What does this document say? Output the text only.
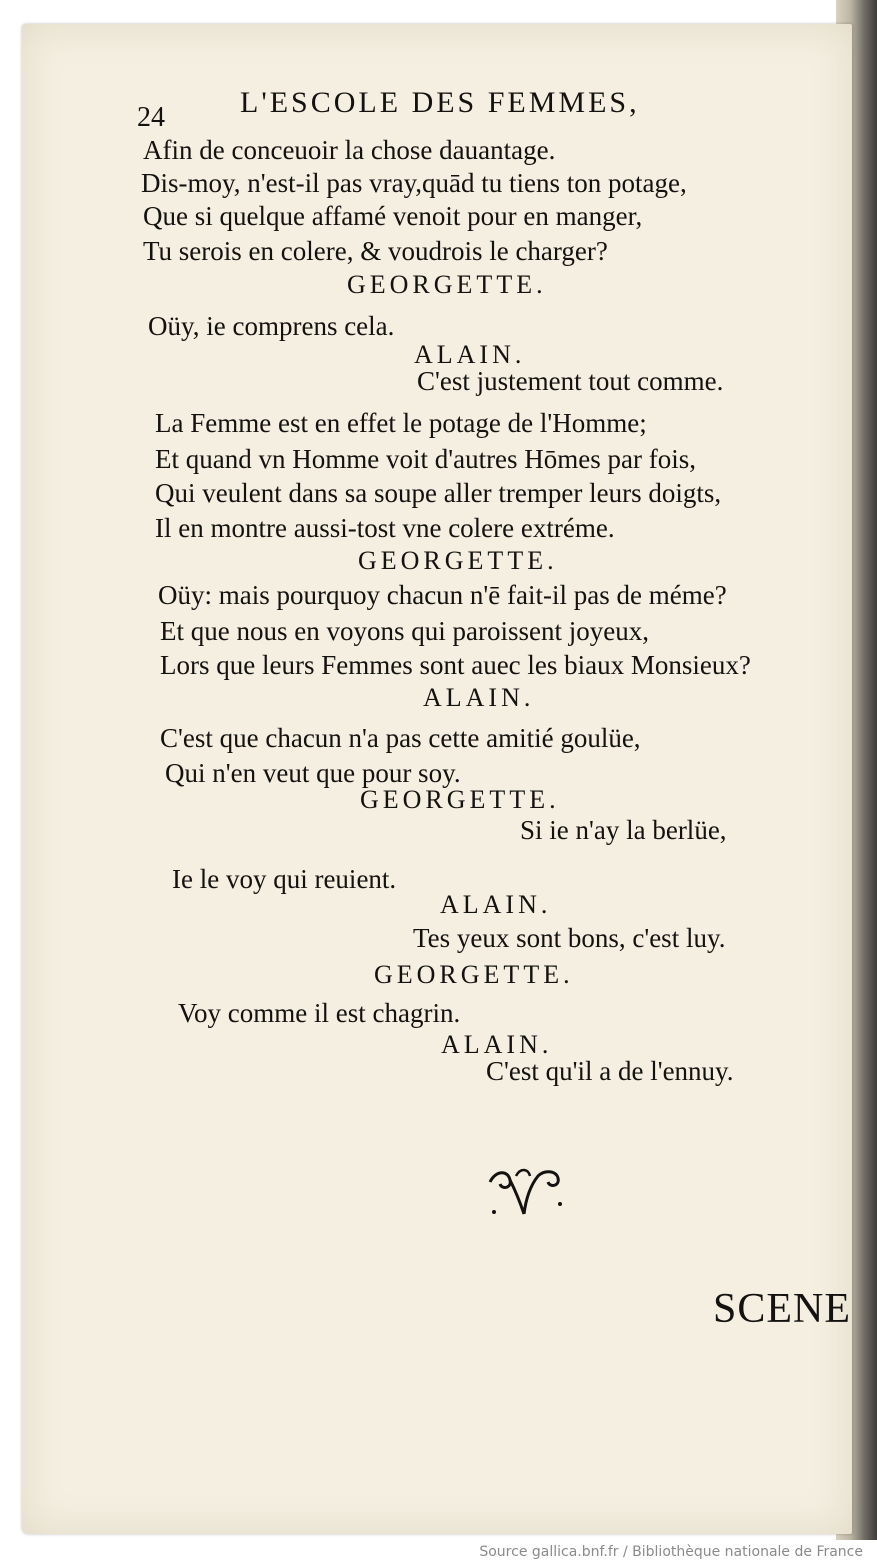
24	L'ESCOLE DES FEMMES,
Afin de conceuoir la chose dauantage.
Dis-moy, n'est-il pas vray,quād tu tiens ton potage,
Que si quelque affamé venoit pour en manger,
Tu serois en colere, & voudrois le charger?
GEORGETTE.
Oüy, ie comprens cela.
ALAIN.
C'est justement tout comme.
La Femme est en effet le potage de l'Homme;
Et quand vn Homme voit d'autres Hōmes par fois,
Qui veulent dans sa soupe aller tremper leurs doigts,
Il en montre aussi-tost vne colere extréme.
GEORGETTE.
Oüy: mais pourquoy chacun n'ē fait-il pas de méme?
Et que nous en voyons qui paroissent joyeux,
Lors que leurs Femmes sont auec les biaux Monsieux?
ALAIN.
C'est que chacun n'a pas cette amitié goulüe,
Qui n'en veut que pour soy.
GEORGETTE.
Si ie n'ay la berlüe,
Ie le voy qui reuient.
ALAIN.
Tes yeux sont bons, c'est luy.
GEORGETTE.
Voy comme il est chagrin.
ALAIN.
C'est qu'il a de l'ennuy.
SCENE
Source gallica.bnf.fr / Bibliothèque nationale de France
